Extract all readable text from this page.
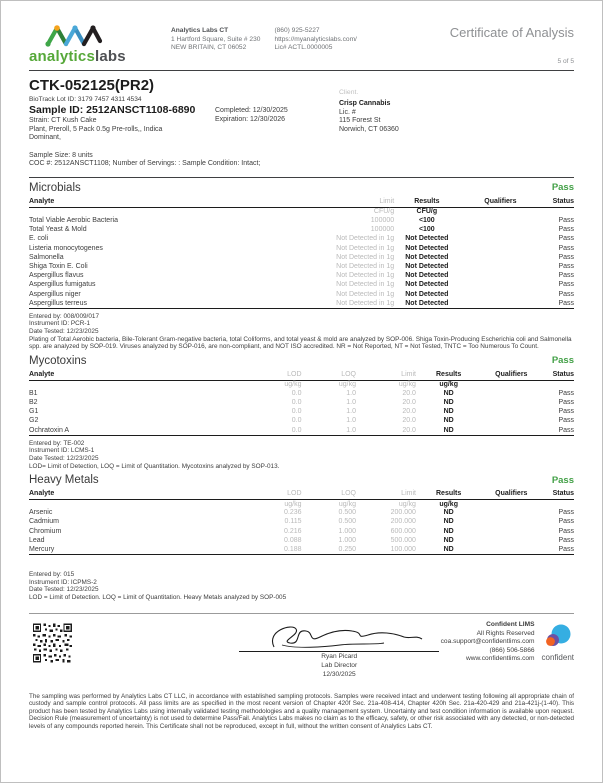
analyticslabs
Analytics Labs CT
1 Hartford Square, Suite # 230
NEW BRITAIN, CT 06052
(860) 925-5227
https://myanalyticslabs.com/
Lic# ACTL.0000005
Certificate of Analysis
5 of 5
CTK-052125(PR2)
BioTrack Lot ID: 3179 7457 4311 4534
Sample ID: 2512ANSCT1108-6890
Strain: CT Kush Cake
Plant, Preroll, 5 Pack 0.5g Pre-rolls,, Indica
Dominant,
Completed: 12/30/2025
Expiration: 12/30/2026
Sample Size: 8 units
COC #: 2512ANSCT1108; Number of Servings: : Sample Condition: Intact;
Client.
Crisp Cannabis
Lic. #
115 Forest St
Norwich, CT 06360
Microbials	Pass
Analyte	Limit	Results	Qualifiers	Status
	CFU/g	CFU/g		
Total Viable Aerobic Bacteria	100000	<100		Pass
Total Yeast & Mold	100000	<100		Pass
E. coli	Not Detected in 1g	Not Detected		Pass
Listeria monocytogenes	Not Detected in 1g	Not Detected		Pass
Salmonella	Not Detected in 1g	Not Detected		Pass
Shiga Toxin E. Coli	Not Detected in 1g	Not Detected		Pass
Aspergillus flavus	Not Detected in 1g	Not Detected		Pass
Aspergillus fumigatus	Not Detected in 1g	Not Detected		Pass
Aspergillus niger	Not Detected in 1g	Not Detected		Pass
Aspergillus terreus	Not Detected in 1g	Not Detected		Pass
Entered by: 008/009/017
Instrument ID: PCR-1
Date Tested: 12/23/2025
Plating of Total Aerobic bacteria, Bile-Tolerant Gram-negative bacteria, total Coliforms, and total yeast & mold are analyzed by SOP-006. Shiga Toxin-Producing Escherichia coli and Salmonella spp. are analyzed by SOP-019. Viruses analyzed by SOP-016, are non-compliant, and NOT ISO accredited. NR = Not Reported, NT = Not Tested, TNTC = Too Numerous To Count.
Mycotoxins	Pass
Analyte	LOD	LOQ	Limit	Results	Qualifiers	Status
	ug/kg	ug/kg	ug/kg	ug/kg		
B1	0.0	1.0	20.0	ND		Pass
B2	0.0	1.0	20.0	ND		Pass
G1	0.0	1.0	20.0	ND		Pass
G2	0.0	1.0	20.0	ND		Pass
Ochratoxin A	0.0	1.0	20.0	ND		Pass
Entered by: TE-002
Instrument ID: LCMS-1
Date Tested: 12/23/2025
LOD= Limit of Detection, LOQ = Limit of Quantitation. Mycotoxins analyzed by SOP-013.
Heavy Metals	Pass
Analyte	LOD	LOQ	Limit	Results	Qualifiers	Status
	ug/kg	ug/kg	ug/kg	ug/kg		
Arsenic	0.236	0.500	200.000	ND		Pass
Cadmium	0.115	0.500	200.000	ND		Pass
Chromium	0.216	1.000	600.000	ND		Pass
Lead	0.088	1.000	500.000	ND		Pass
Mercury	0.188	0.250	100.000	ND		Pass
Entered by: 015
Instrument ID: ICPMS-2
Date Tested: 12/23/2025
LOD = Limit of Detection. LOQ = Limit of Quantitation. Heavy Metals analyzed by SOP-005
Ryan Picard
Lab Director
12/30/2025
Confident LIMS
All Rights Reserved
coa.support@confidentlims.com
(866) 506-5866
www.confidentlims.com confident
The sampling was performed by Analytics Labs CT LLC, in accordance with established sampling protocols. Samples were received intact and underwent testing following all appropriate chain of custody and sample control protocols. All pass limits are as specified in the most recent version of Chapter 420f Sec. 21a-408-414, Chapter 420h Sec. 21a-420-429 and 21a-421j-(1-40). This product has been tested by Analytics Labs using internally validated testing methodologies and a quality management system. Uncertainty and test condition information is available upon request. Decision Rule (measurement of uncertainty) is not used to determine Pass/Fail. Analytics Labs makes no claim as to the efficacy, safety, or other risk associated with any detected, or non-detected levels of any compounds reported herein. This Certificate shall not be reproduced, except in full, without the written consent of Analytics Labs CT.
